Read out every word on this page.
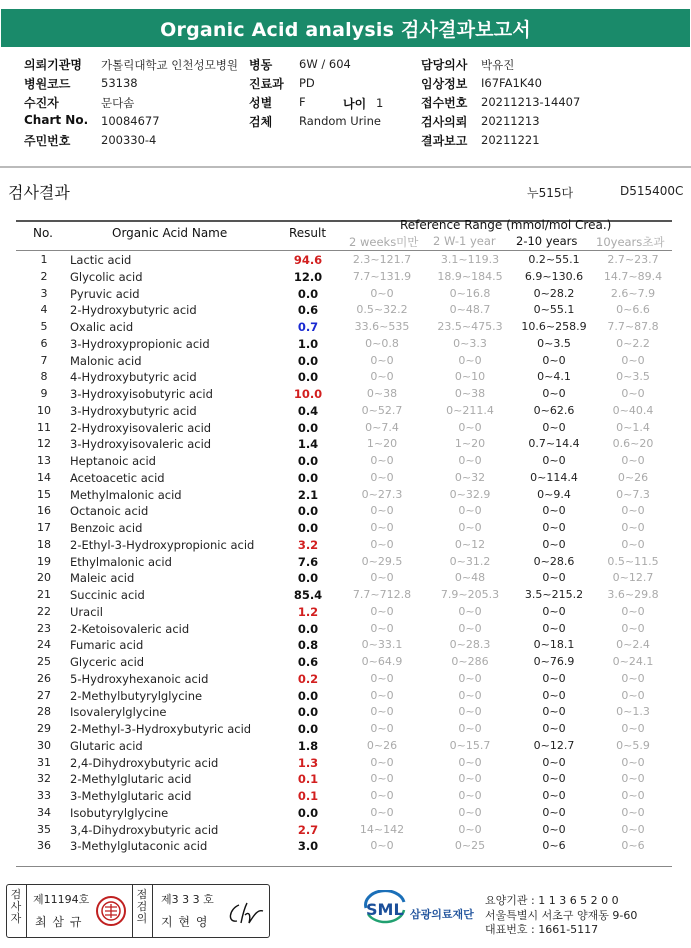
Organic Acid analysis 검사결과보고서
의뢰기관명 가톨릭대학교 인천성모병원
병원코드	53138
수진자	문다솜
Chart No. 10084677
주민번호	200330-4
병동 6W / 604
진료과 PD
성별 F
검체 Random Urine
담당의사 박유진
임상정보 I67FA1K40
접수번호 20211213-14407
검사의뢰 20211213
결과보고 20211221
나이 1
검사결과	누515다	D515400C
No.	Organic Acid Name	Result
Reference Range (mmol/mol Crea.)
2 weeks미만 2 W-1 year 2-10 years 10years초과
1	Lactic acid	94.6	2.3~121.7	3.1~119.3	0.2~55.1	2.7~23.7
2	Glycolic acid	12.0	7.7~131.9	18.9~184.5	6.9~130.6	14.7~89.4
3	Pyruvic acid	0.0	0~0	0~16.8	0~28.2	2.6~7.9
4	2-Hydroxybutyric acid	0.6	0.5~32.2	0~48.7	0~55.1	0~6.6
5	Oxalic acid	0.7	33.6~535	23.5~475.3	10.6~258.9	7.7~87.8
6	3-Hydroxypropionic acid	1.0	0~0.8	0~3.3	0~3.5	0~2.2
7	Malonic acid	0.0	0~0	0~0	0~0	0~0
8	4-Hydroxybutyric acid	0.0	0~0	0~10	0~4.1	0~3.5
9	3-Hydroxyisobutyric acid	10.0	0~38	0~38	0~0	0~0
10	3-Hydroxybutyric acid	0.4	0~52.7	0~211.4	0~62.6	0~40.4
11	2-Hydroxyisovaleric acid	0.0	0~7.4	0~0	0~0	0~1.4
12	3-Hydroxyisovaleric acid	1.4	1~20	1~20	0.7~14.4	0.6~20
13	Heptanoic acid	0.0	0~0	0~0	0~0	0~0
14	Acetoacetic acid	0.0	0~0	0~32	0~114.4	0~26
15	Methylmalonic acid	2.1	0~27.3	0~32.9	0~9.4	0~7.3
16	Octanoic acid	0.0	0~0	0~0	0~0	0~0
17	Benzoic acid	0.0	0~0	0~0	0~0	0~0
18	2-Ethyl-3-Hydroxypropionic acid	3.2	0~0	0~12	0~0	0~0
19	Ethylmalonic acid	7.6	0~29.5	0~31.2	0~28.6	0.5~11.5
20	Maleic acid	0.0	0~0	0~48	0~0	0~12.7
21	Succinic acid	85.4	7.7~712.8	7.9~205.3	3.5~215.2	3.6~29.8
22	Uracil	1.2	0~0	0~0	0~0	0~0
23	2-Ketoisovaleric acid	0.0	0~0	0~0	0~0	0~0
24	Fumaric acid	0.8	0~33.1	0~28.3	0~18.1	0~2.4
25	Glyceric acid	0.6	0~64.9	0~286	0~76.9	0~24.1
26	5-Hydroxyhexanoic acid	0.2	0~0	0~0	0~0	0~0
27	2-Methylbutyrylglycine	0.0	0~0	0~0	0~0	0~0
28	Isovalerylglycine	0.0	0~0	0~0	0~0	0~1.3
29	2-Methyl-3-Hydroxybutyric acid	0.0	0~0	0~0	0~0	0~0
30	Glutaric acid	1.8	0~26	0~15.7	0~12.7	0~5.9
31	2,4-Dihydroxybutyric acid	1.3	0~0	0~0	0~0	0~0
32	2-Methylglutaric acid	0.1	0~0	0~0	0~0	0~0
33	3-Methylglutaric acid	0.1	0~0	0~0	0~0	0~0
34	Isobutyrylglycine	0.0	0~0	0~0	0~0	0~0
35	3,4-Dihydroxybutyric acid	2.7	14~142	0~0	0~0	0~0
36	3-Methylglutaconic acid	3.0	0~0	0~25	0~6	0~6
검
사
자
제11194호
최 삼 규
점
검
의
제3 3 3 호
지 현 영
SML 삼광의료재단
요양기관 : 1 1 3 6 5 2 0 0
서울특별시 서초구 양재동 9-60
대표번호 : 1661-5117
